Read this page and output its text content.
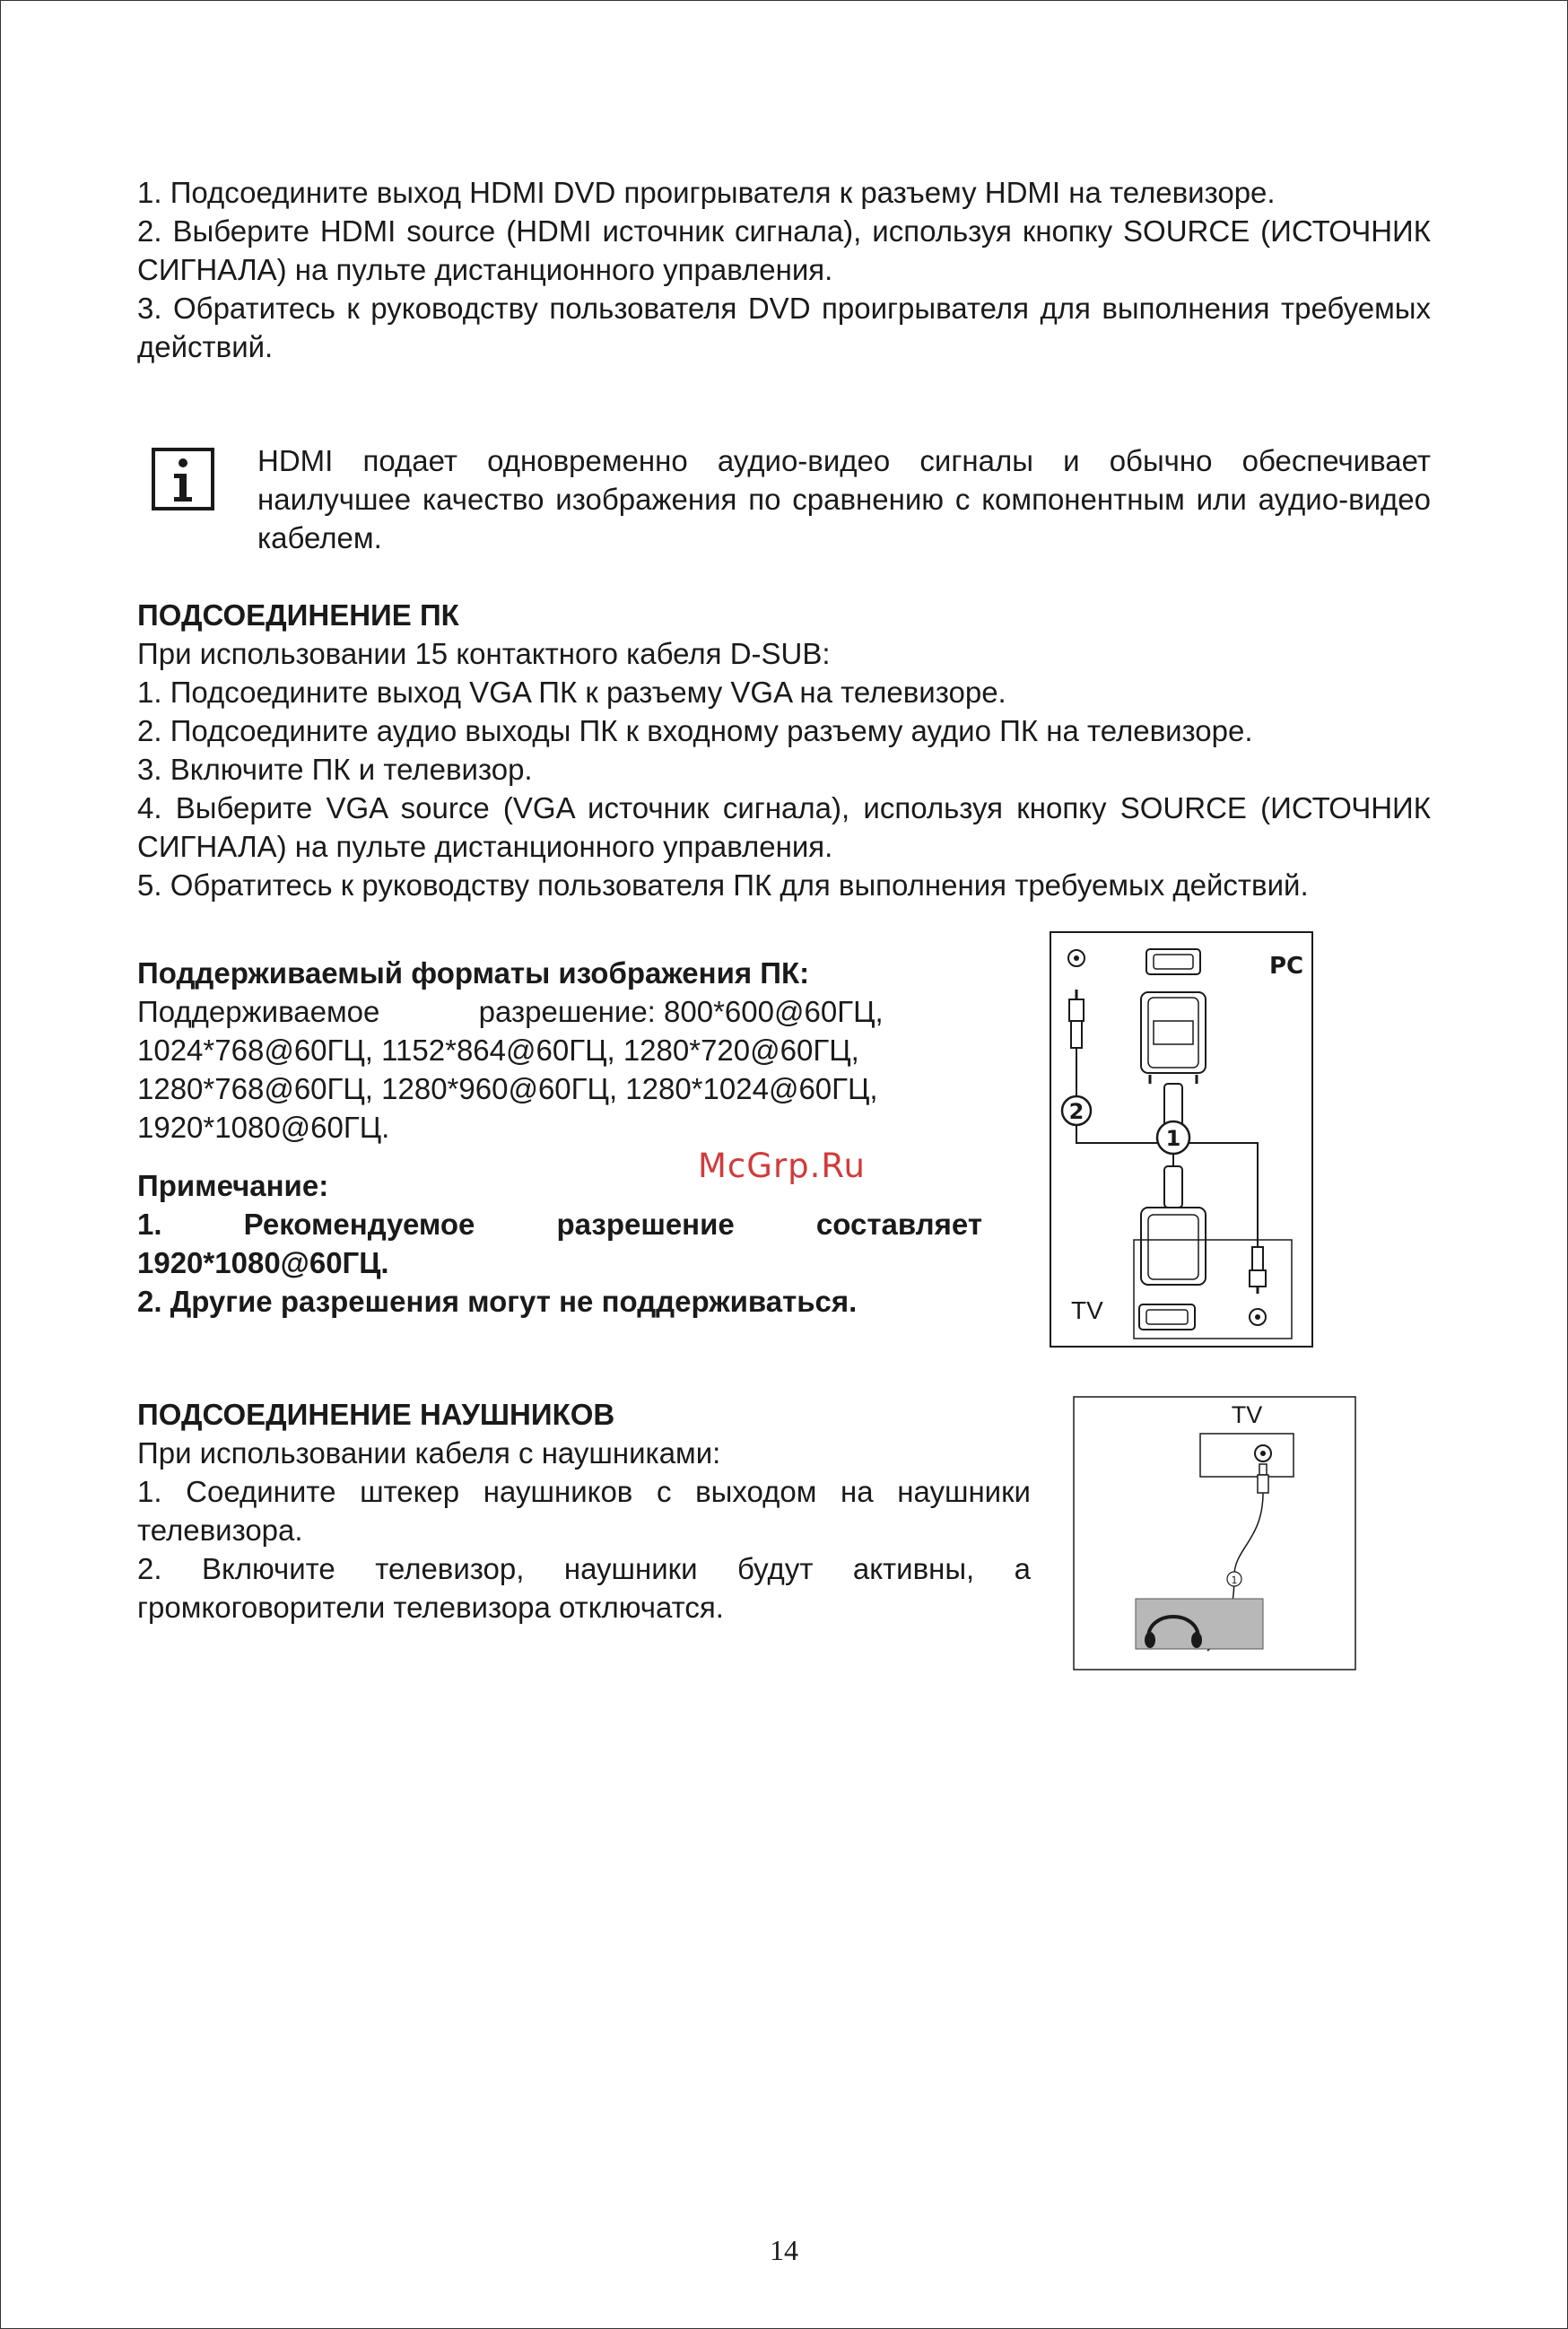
1. Подсоедините выход HDMI DVD проигрывателя к разъему HDMI на телевизоре.

2. Выберите HDMI source (HDMI источник сигнала), используя кнопку SOURCE (ИСТОЧНИК СИГНАЛА) на пульте дистанционного управления.

3. Обратитесь к руководству пользователя DVD проигрывателя для выполнения требуемых действий.

HDMI подает одновременно аудио-видео сигналы и обычно обеспечивает наилучшее качество изображения по сравнению с компонентным или аудио-видео кабелем.

ПОДСОЕДИНЕНИЕ ПК

При использовании 15 контактного кабеля D-SUB:

1. Подсоедините выход VGA ПК к разъему VGA на телевизоре.

2. Подсоедините аудио выходы ПК к входному разъему аудио ПК на телевизоре.

3. Включите ПК и телевизор.

4. Выберите VGA source (VGA источник сигнала), используя кнопку SOURCE (ИСТОЧНИК СИГНАЛА) на пульте дистанционного управления.

5. Обратитесь к руководству пользователя ПК для выполнения требуемых действий.

Поддерживаемый форматы изображения ПК:

Поддерживаемое	разрешение: 800*600@60ГЦ,

1024*768@60ГЦ, 1152*864@60ГЦ, 1280*720@60ГЦ,

1280*768@60ГЦ, 1280*960@60ГЦ, 1280*1024@60ГЦ,

1920*1080@60ГЦ.

Примечание:

1.	Рекомендуемое	разрешение	составляет

1920*1080@60ГЦ.

2. Другие разрешения могут не поддерживаться.

PC
2
1
TV
McGrp.Ru

ПОДСОЕДИНЕНИЕ НАУШНИКОВ

При использовании кабеля с наушниками:

1. Соедините штекер наушников с выходом на наушники телевизора.

2. Включите телевизор, наушники будут активны, а громкоговорители телевизора отключатся.

TV
1
14
